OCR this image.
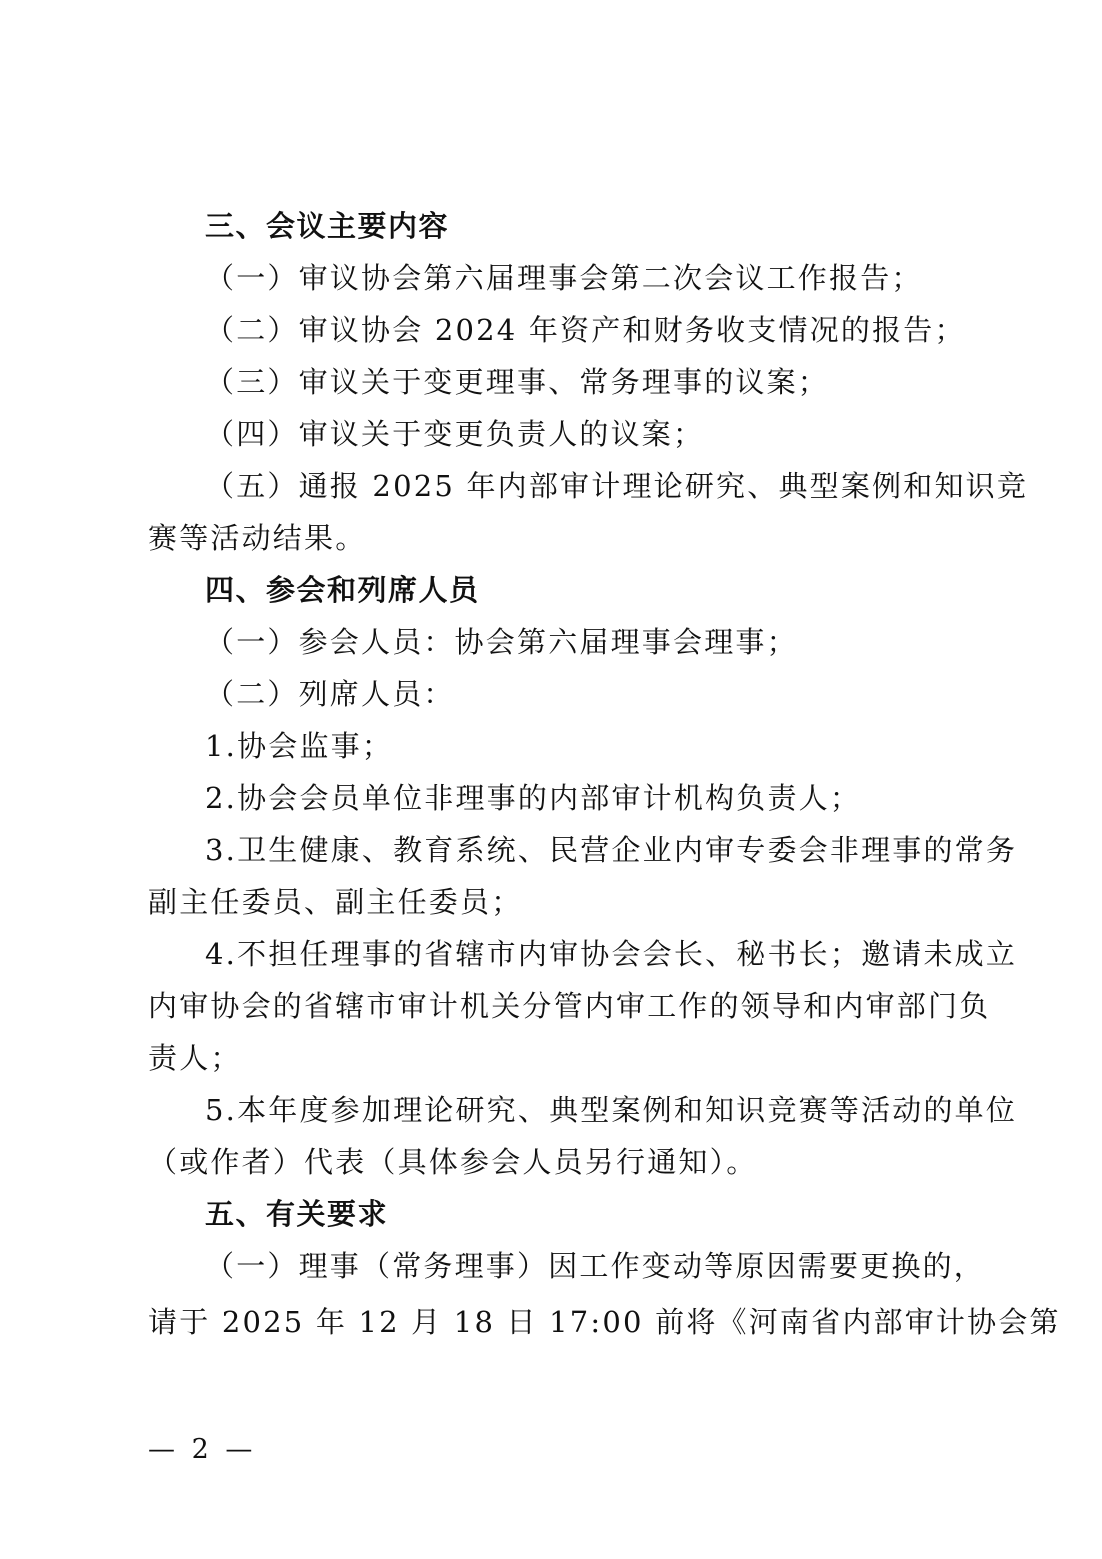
三、会议主要内容
（一）审议协会第六届理事会第二次会议工作报告；
（二）审议协会 2024 年资产和财务收支情况的报告；
（三）审议关于变更理事、常务理事的议案；
（四）审议关于变更负责人的议案；
（五）通报 2025 年内部审计理论研究、典型案例和知识竞
赛等活动结果。
四、参会和列席人员
（一）参会人员：协会第六届理事会理事；
（二）列席人员：
1.协会监事；
2.协会会员单位非理事的内部审计机构负责人；
3.卫生健康、教育系统、民营企业内审专委会非理事的常务
副主任委员、副主任委员；
4.不担任理事的省辖市内审协会会长、秘书长；邀请未成立
内审协会的省辖市审计机关分管内审工作的领导和内审部门负
责人；
5.本年度参加理论研究、典型案例和知识竞赛等活动的单位
（或作者）代表（具体参会人员另行通知）。
五、有关要求
（一）理事（常务理事）因工作变动等原因需要更换的，
请于 2025 年 12 月 18 日 17:00 前将《河南省内部审计协会第
— 2 —
